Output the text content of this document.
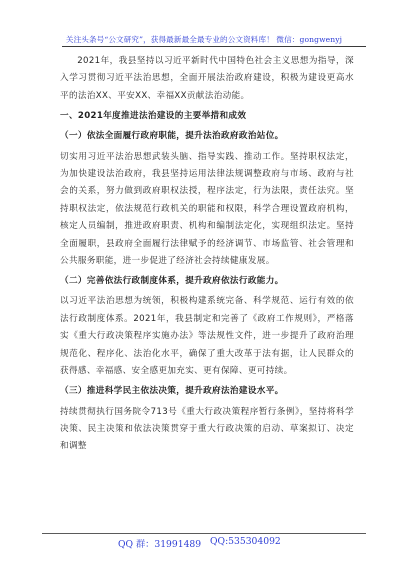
关注头条号“公文研究”，获得最新最全最专业的公文资料库！ 微信：gongwenyj

2021年，我县坚持以习近平新时代中国特色社会主义思想为指导，深入学习贯彻习近平法治思想，全面开展法治政府建设，积极为建设更高水平的法治XX、平安XX、幸福XX贡献法治动能。

一、2021年度推进法治建设的主要举措和成效

（一）依法全面履行政府职能，提升法治政府政治站位。

切实用习近平法治思想武装头脑、指导实践、推动工作。坚持职权法定，为加快建设法治政府，我县坚持运用法律法规调整政府与市场、政府与社会的关系，努力做到政府职权法授，程序法定，行为法限，责任法究。坚持职权法定，依法规范行政机关的职能和权限，科学合理设置政府机构，核定人员编制，推进政府职责、机构和编制法定化，实现组织法定。坚持全面履职，县政府全面履行法律赋予的经济调节、市场监管、社会管理和公共服务职能，进一步促进了经济社会持续健康发展。

（二）完善依法行政制度体系，提升政府依法行政能力。

以习近平法治思想为统领，积极构建系统完备、科学规范、运行有效的依法行政制度体系。2021年，我县制定和完善了《政府工作规则》，严格落实《重大行政决策程序实施办法》等法规性文件，进一步提升了政府治理规范化、程序化、法治化水平，确保了重大改革于法有据，让人民群众的获得感、幸福感、安全感更加充实、更有保障、更可持续。

（三）推进科学民主依法决策，提升政府法治建设水平。

持续贯彻执行国务院令713号《重大行政决策程序暂行条例》，坚持将科学决策、民主决策和依法决策贯穿于重大行政决策的启动、草案拟订、决定和调整

QQ 群：31991489 QQ:535304092
